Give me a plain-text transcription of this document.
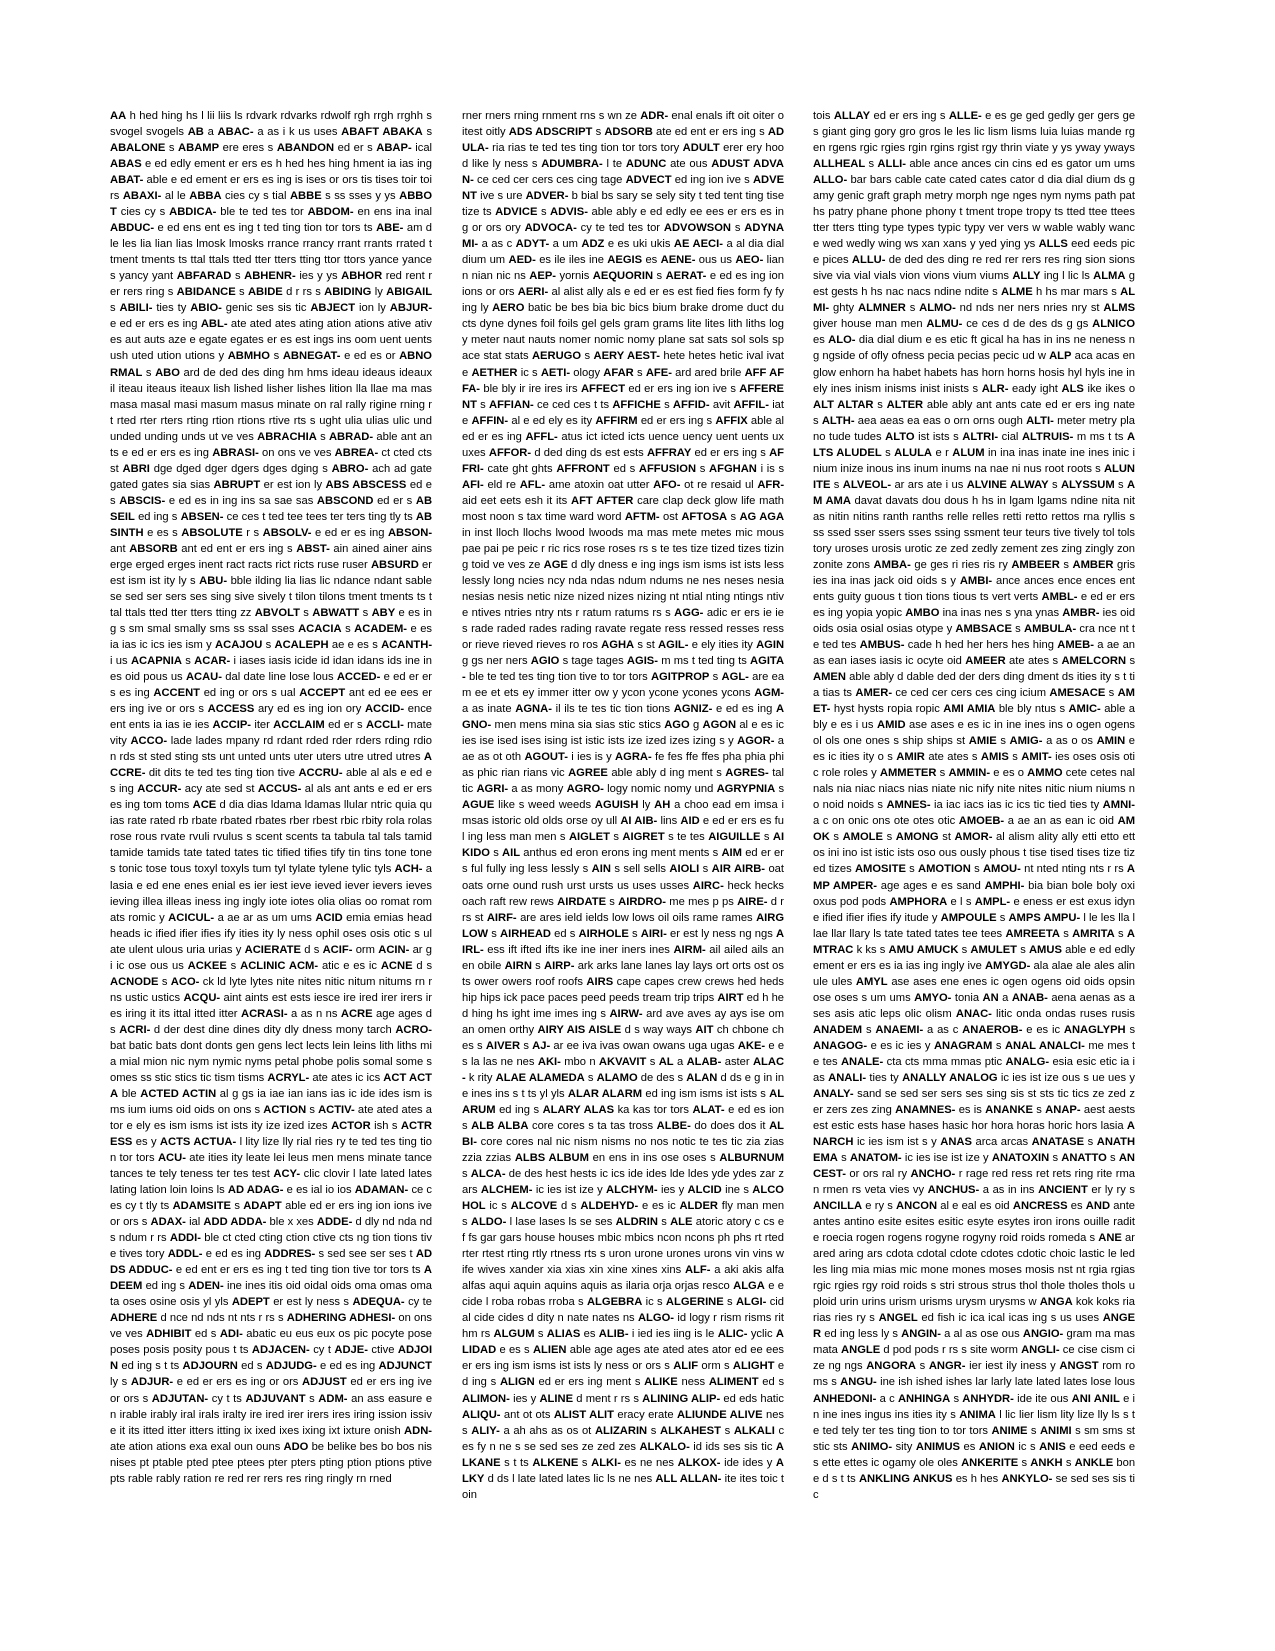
AA h hed hing hs l lii liis ls rdvark rdvarks rdwolf rgh rrgh rrghh s svogel svogels AB a ABAC- a as i k us uses ABAFT ABAKA s ABALONE s ABAMP ere eres s ABANDON ed er s ABAP- ical ABAS e ed edly ement er ers es h hed hes hing hment ia ias ing ABAT- able e ed ement er ers es ing is ises or ors tis tises toir toirs ABAXI- al le ABBA cies cy s tial ABBE s ss sses y ys ABBOT cies cy s ABDICA- ble te ted tes tor ABDOM- en ens ina inal ABDUC- e ed ens ent es ing t ted ting tion tor tors ts ABE- am d le les lia lian lias lmosk lmosks rrance rrancy rrant rrants rrated t tment tments ts ttal ttals tted tter tters tting ttor ttors yance yances yancy yant ABFARAD s ABHENR- ies y ys ABHOR red rent rer rers ring s ABIDANCE s ABIDE d r rs s ABIDING ly ABIGAIL s ABILI- ties ty ABIO- genic ses sis tic ABJECT ion ly ABJUR- e ed er ers es ing ABL- ate ated ates ating ation ations ative atives aut auts aze e egate egates er es est ings ins oom uent uents ush uted ution utions y ABMHO s ABNEGAT- e ed es or ABNORMAL s ABO ard de ded des ding hm hms ideau ideaus ideaux il iteau iteaus iteaux lish lished lisher lishes lition lla llae ma mas masa masal masi masum masus minate on ral rally rigine rning rt rted rter rters rting rtion rtions rtive rts s ught ulia ulias ulic und unded unding unds ut ve ves ABRACHIA s ABRAD- able ant ants e ed er ers es ing ABRASI- on ons ve ves ABREA- ct cted cts st ABRI dge dged dger dgers dges dging s ABRO- ach ad gate gated gates sia sias ABRUPT er est ion ly ABS ABSCESS ed es ABSCIS- e ed es in ing ins sa sae sas ABSCOND ed er s ABSEIL ed ing s ABSEN- ce ces t ted tee tees ter ters ting tly ts ABSINTH e es s ABSOLUTE r s ABSOLV- e ed er es ing ABSON- ant ABSORB ant ed ent er ers ing s ABST- ain ained ainer ains erge erged erges inent ract racts rict ricts ruse ruser ABSURD er est ism ist ity ly s ABU- bble ilding lia lias lic ndance ndant sable se sed ser sers ses sing sive sively t tilon tilons tment tments ts ttal ttals tted tter tters tting zz ABVOLT s ABWATT s ABY e es ing s sm smal smally sms ss ssal sses ACACIA s ACADEM- e es ia ias ic ics ies ism y ACAJOU s ACALEPH ae e es s ACANTH- i us ACAPNIA s ACAR- i iases iasis icide id idan idans ids ine ines oid pous us ACAU- dal date line lose lous ACCED- e ed er ers es ing ACCENT ed ing or ors s ual ACCEPT ant ed ee ees er ers ing ive or ors s ACCESS ary ed es ing ion ory ACCID- ence ent ents ia ias ie ies ACCIP- iter ACCLAIM ed er s ACCLI- mate vity ACCO- lade lades mpany rd rdant rded rder rders rding rdion rds st sted sting sts unt unted unts uter uters utre utred utres ACCRE- dit dits te ted tes ting tion tive ACCRU- able al als e ed es ing ACCUR- acy ate sed st ACCUS- al als ant ants e ed er ers es ing tom toms ACE d dia dias ldama ldamas llular ntric quia quias rate rated rb rbate rbated rbates rber rbest rbic rbity rola rolas rose rous rvate rvuli rvulus s scent scents ta tabula tal tals tamid tamide tamids tate tated tates tic tified tifies tify tin tins tone tones tonic tose tous toxyl toxyls tum tyl tylate tylene tylic tyls ACH- alasia e ed ene enes enial es ier iest ieve ieved iever ievers ieves ieving illea illeas iness ing ingly iote iotes olia olias oo romat romats romic y ACICUL- a ae ar as um ums ACID emia emias head heads ic ified ifier ifies ify ities ity ly ness ophil oses osis otic s ulate ulent ulous uria urias y ACIERATE d s ACIF- orm ACIN- ar g i ic ose ous us ACKEE s ACLINIC ACM- atic e es ic ACNE d s ACNODE s ACO- ck ld lyte lytes nite nites nitic nitum nitums rn rns ustic ustics ACQU- aint aints est ests iesce ire ired irer irers ires iring it its ittal itted itter ACRASI- a as n ns ACRE age ages d s ACRI- d der dest dine dines dity dly dness mony tarch ACRO- bat batic bats dont donts gen gens lect lects lein leins lith liths mia mial mion nic nym nymic nyms petal phobe polis somal some somes ss stic stics tic tism tisms ACRYL- ate ates ic ics ACT ACTA ble ACTED ACTIN al g gs ia iae ian ians ias ic ide ides ism isms ium iums oid oids on ons s ACTION s ACTIV- ate ated ates ator e ely es ism isms ist ists ity ize ized izes ACTOR ish s ACTRESS es y ACTS ACTUA- l lity lize lly rial ries ry te ted tes ting tion tor tors ACU- ate ities ity leate lei leus men mens minate tance tances te tely teness ter tes test ACY- clic clovir l late lated lates lating lation loin loins ls AD ADAG- e es ial io ios ADAMAN- ce ces cy t tly ts ADAMSITE s ADAPT able ed er ers ing ion ions ive or ors s ADAX- ial ADD ADDA- ble x xes ADDE- d dly nd nda nds ndum r rs ADDI- ble ct cted cting ction ctive cts ng tion tions tive tives tory ADDL- e ed es ing ADDRES- s sed see ser ses t ADDS ADDUC- e ed ent er ers es ing t ted ting tion tive tor tors ts ADEEM ed ing s ADEN- ine ines itis oid oidal oids oma omas omata oses osine osis yl yls ADEPT er est ly ness s ADEQUA- cy te ADHERE d nce nd nds nt nts r rs s ADHERING ADHESI- on ons ve ves ADHIBIT ed s ADI- abatic eu eus eux os pic pocyte pose poses posis posity pous t ts ADJACEN- cy t ADJE- ctive ADJOIN ed ing s t ts ADJOURN ed s ADJUDG- e ed es ing ADJUNCT ly s ADJUR- e ed er ers es ing or ors ADJUST ed er ers ing ive or ors s ADJUTAN- cy t ts ADJUVANT s ADM- an ass easure en irable irably iral irals iralty ire ired irer irers ires iring ission issive it its itted itter itters itting ix ixed ixes ixing ixt ixture onish ADN- ate ation ations exa exal oun ouns ADO be belike bes bo bos nis nises pt ptable pted ptee ptees pter pters pting ption ptions ptive pts rable rably ration re red rer rers res ring ringly rn rned
rner rners rning rnment rns s wn ze ADR- enal enals ift oit oiter oitest oitly ADS ADSCRIPT s ADSORB ate ed ent er ers ing s ADULA- ria rias te ted tes ting tion tor tors tory ADULT erer ery hood like ly ness s ADUMBRA- l te ADUNC ate ous ADUST ADVAN- ce ced cer cers ces cing tage ADVECT ed ing ion ive s ADVENT ive s ure ADVER- b bial bs sary se sely sity t ted tent ting tise tize ts ADVICE s ADVIS- able ably e ed edly ee ees er ers es ing or ors ory ADVOCA- cy te ted tes tor ADVOWSON s ADYNAMI- a as c ADYT- a um ADZ e es uki ukis AE AECI- a al dia dial dium um AED- es ile iles ine AEGIS es AENE- ous us AEO- lian n nian nic ns AEP- yornis AEQUORIN s AERAT- e ed es ing ion ions or ors AERI- al alist ally als e ed er es est fied fies form fy fying ly AERO batic be bes bia bic bics bium brake drome duct ducts dyne dynes foil foils gel gels gram grams lite lites lith liths logy meter naut nauts nomer nomic nomy plane sat sats sol sols space stat stats AERUGO s AERY AEST- hete hetes hetic ival ivate AETHER ic s AETI- ology AFAR s AFE- ard ared brile AFF AFFA- ble bly ir ire ires irs AFFECT ed er ers ing ion ive s AFFERENT s AFFIAN- ce ced ces t ts AFFICHE s AFFID- avit AFFIL- iate AFFIN- al e ed ely es ity AFFIRM ed er ers ing s AFFIX able al ed er es ing AFFL- atus ict icted icts uence uency uent uents ux uxes AFFOR- d ded ding ds est ests AFFRAY ed er ers ing s AFFRI- cate ght ghts AFFRONT ed s AFFUSION s AFGHAN i is s AFI- eld re AFL- ame atoxin oat utter AFO- ot re resaid ul AFR- aid eet eets esh it its AFT AFTER care clap deck glow life math most noon s tax time ward word AFTM- ost AFTOSA s AG AGA in inst lloch llochs lwood lwoods ma mas mete metes mic mous pae pai pe peic r ric rics rose roses rs s te tes tize tized tizes tizing toid ve ves ze AGE d dly dness e ing ings ism isms ist ists less lessly long ncies ncy nda ndas ndum ndums ne nes neses nesia nesias nesis netic nize nized nizes nizing nt ntial nting ntings ntive ntives ntries ntry nts r ratum ratums rs s AGG- adic er ers ie ies rade raded rades rading ravate regate ress ressed resses ressor rieve rieved rieves ro ros AGHA s st AGIL- e ely ities ity AGIN g gs ner ners AGIO s tage tages AGIS- m ms t ted ting ts AGITA- ble te ted tes ting tion tive to tor tors AGITPROP s AGL- are eam ee et ets ey immer itter ow y ycon ycone ycones ycons AGM- a as inate AGNA- il ils te tes tic tion tions AGNIZ- e ed es ing AGNO- men mens mina sia sias stic stics AGO g AGON al e es ic ies ise ised ises ising ist istic ists ize ized izes izing s y AGOR- a ae as ot oth AGOUT- i ies is y AGRA- fe fes ffe ffes pha phia phias phic rian rians vic AGREE able ably d ing ment s AGRES- tal tic AGRI- a as mony AGRO- logy nomic nomy und AGRYPNIA s AGUE like s weed weeds AGUISH ly AH a choo ead em imsa imsas istoric old olds orse oy ull AI AIB- lins AID e ed er ers es ful ing less man men s AIGLET s AIGRET s te tes AIGUILLE s AIKIDO s AIL anthus ed eron erons ing ment ments s AIM ed er ers ful fully ing less lessly s AIN s sell sells AIOLI s AIR AIRB- oat oats orne ound rush urst ursts us uses usses AIRC- heck hecks oach raft rew rews AIRDATE s AIRDRO- me mes p ps AIRE- d r rs st AIRF- are ares ield ields low lows oil oils rame rames AIRGLOW s AIRHEAD ed s AIRHOLE s AIRI- er est ly ness ng ngs AIRL- ess ift ifted ifts ike ine iner iners ines AIRM- ail ailed ails an en obile AIRN s AIRP- ark arks lane lanes lay lays ort orts ost osts ower owers roof roofs AIRS cape capes crew crews hed heds hip hips ick pace paces peed peeds tream trip trips AIRT ed h hed hing hs ight ime imes ing s AIRW- ard ave aves ay ays ise oman omen orthy AIRY AIS AISLE d s way ways AIT ch chbone ches s AIVER s AJ- ar ee iva ivas owan owans uga ugas AKE- e es la las ne nes AKI- mbo n AKVAVIT s AL a ALAB- aster ALAC- k rity ALAE ALAMEDA s ALAMO de des s ALAN d ds e g in ine ines ins s t ts yl yls ALAR ALARM ed ing ism isms ist ists s ALARUM ed ing s ALARY ALAS ka kas tor tors ALAT- e ed es ions ALB ALBA core cores s ta tas tross ALBE- do does dos it ALBI- core cores nal nic nism nisms no nos notic te tes tic zia zias zzia zzias ALBS ALBUM en ens in ins ose oses s ALBURNUM s ALCA- de des hest hests ic ics ide ides lde ldes yde ydes zar zars ALCHEM- ic ies ist ize y ALCHYM- ies y ALCID ine s ALCOHOL ic s ALCOVE d s ALDEHYD- e es ic ALDER fly man men s ALDO- l lase lases ls se ses ALDRIN s ALE atoric atory c cs e f fs gar gars house houses mbic mbics ncon ncons ph phs rt rted rter rtest rting rtly rtness rts s uron urone urones urons vin vins wife wives xander xia xias xin xine xines xins ALF- a aki akis alfa alfas aqui aquin aquins aquis as ilaria orja orjas resco ALGA e ecide l roba robas rroba s ALGEBRA ic s ALGERINE s ALGI- cidal cide cides d dity n nate nates ns ALGO- id logy r rism risms rithm rs ALGUM s ALIAS es ALIB- i ied ies iing is le ALIC- yclic ALIDAD e es s ALIEN able age ages ate ated ates ator ed ee ees er ers ing ism isms ist ists ly ness or ors s ALIF orm s ALIGHT ed ing s ALIGN ed er ers ing ment s ALIKE ness ALIMENT ed s ALIMON- ies y ALINE d ment r rs s ALINING ALIP- ed eds hatic ALIQU- ant ot ots ALIST ALIT eracy erate ALIUNDE ALIVE ness ALIY- a ah ahs as os ot ALIZARIN s ALKAHEST s ALKALI c es fy n ne s se sed ses ze zed zes ALKALO- id ids ses sis tic ALKANE s t ts ALKENE s ALKI- es ne nes ALKOX- ide ides y ALKY d ds l late lated lates lic ls ne nes ALL ALLAN- ite ites toic toin
tois ALLAY ed er ers ing s ALLE- e es ge ged gedly ger gers ges giant ging gory gro gros le les lic lism lisms luia luias mande rgen rgens rgic rgies rgin rgins rgist rgy thrin viate y ys yway yways ALLHEAL s ALLI- able ance ances cin cins ed es gator um ums ALLO- bar bars cable cate cated cates cator d dia dial dium ds gamy genic graft graph metry morph nge nges nym nyms path paths patry phane phone phony t tment trope tropy ts tted ttee ttees tter tters tting type types typic typy ver vers w wable wably wance wed wedly wing ws xan xans y yed ying ys ALLS eed eeds pice pices ALLU- de ded des ding re red rer rers res ring sion sions sive via vial vials vion vions vium viums ALLY ing l lic ls ALMA gest gests h hs nac nacs ndine ndite s ALME h hs mar mars s ALMI- ghty ALMNER s ALMO- nd nds ner ners nries nry st ALMS giver house man men ALMU- ce ces d de des ds g gs ALNICO es ALO- dia dial dium e es etic ft gical ha has in ins ne neness ng ngside of ofly ofness pecia pecias pecic ud w ALP aca acas englow enhorn ha habet habets has horn horns hosis hyl hyls ine inely ines inism inisms inist inists s ALR- eady ight ALS ike ikes o ALT ALTAR s ALTER able ably ant ants cate ed er ers ing nate s ALTH- aea aeas ea eas o orn orns ough ALTI- meter metry plano tude tudes ALTO ist ists s ALTRI- cial ALTRUIS- m ms t ts ALTS ALUDEL s ALULA e r ALUM in ina inas inate ine ines inic inium inize inous ins inum inums na nae ni nus root roots s ALUNITE s ALVEOL- ar ars ate i us ALVINE ALWAY s ALYSSUM s AM AMA davat davats dou dous h hs in lgam lgams ndine nita nitas nitin nitins ranth ranths relle relles retti retto rettos rna ryllis s ss ssed sser ssers sses ssing ssment teur teurs tive tively tol tols tory uroses urosis urotic ze zed zedly zement zes zing zingly zon zonite zons AMBA- ge ges ri ries ris ry AMBEER s AMBER gris ies ina inas jack oid oids s y AMBI- ance ances ence ences ent ents guity guous t tion tions tious ts vert verts AMBL- e ed er ers es ing yopia yopic AMBO ina inas nes s yna ynas AMBR- ies oid oids osia osial osias otype y AMBSACE s AMBULA- cra nce nt te ted tes AMBUS- cade h hed her hers hes hing AMEB- a ae an as ean iases iasis ic ocyte oid AMEER ate ates s AMELCORN s AMEN able ably d dable ded der ders ding dment ds ities ity s t tia tias ts AMER- ce ced cer cers ces cing icium AMESACE s AMET- hyst hysts ropia ropic AMI AMIA ble bly ntus s AMIC- able ably e es i us AMID ase ases e es ic in ine ines ins o ogen ogens ol ols one ones s ship ships st AMIE s AMIG- a as o os AMIN e es ic ities ity o s AMIR ate ates s AMIS s AMIT- ies oses osis otic role roles y AMMETER s AMMIN- e es o AMMO cete cetes nal nals nia niac niacs nias niate nic nify nite nites nitic nium niums no noid noids s AMNES- ia iac iacs ias ic ics tic tied ties ty AMNI- a c on onic ons ote otes otic AMOEB- a ae an as ean ic oid AMOK s AMOLE s AMONG st AMOR- al alism ality ally etti etto ettos ini ino ist istic ists oso ous ously phous t tise tised tises tize tized tizes AMOSITE s AMOTION s AMOU- nt nted nting nts r rs AMP AMPER- age ages e es sand AMPHI- bia bian bole boly oxi oxus pod pods AMPHORA e l s AMPL- e eness er est exus idyne ified ifier ifies ify itude y AMPOULE s AMPS AMPU- l le les lla llae llar llary ls tate tated tates tee tees AMREETA s AMRITA s AMTRAC k ks s AMU AMUCK s AMULET s AMUS able e ed edly ement er ers es ia ias ing ingly ive AMYGD- ala alae ale ales alin ule ules AMYL ase ases ene enes ic ogen ogens oid oids opsin ose oses s um ums AMYO- tonia AN a ANAB- aena aenas as ases asis atic leps olic olism ANAC- litic onda ondas ruses rusis ANADEM s ANAEMI- a as c ANAEROB- e es ic ANAGLYPH s ANAGOG- e es ic ies y ANAGRAM s ANAL ANALCI- me mes te tes ANALE- cta cts mma mmas ptic ANALG- esia esic etic ia ias ANALI- ties ty ANALLY ANALOG ic ies ist ize ous s ue ues y ANALY- sand se sed ser sers ses sing sis st sts tic tics ze zed zer zers zes zing ANAMNES- es is ANANKE s ANAP- aest aests est estic ests hase hases hasic hor hora horas horic hors lasia ANARCH ic ies ism ist s y ANAS arca arcas ANATASE s ANATHEMA s ANATOM- ic ies ise ist ize y ANATOXIN s ANATTO s ANCEST- or ors ral ry ANCHO- r rage red ress ret rets ring rite rman rmen rs veta vies vy ANCHUS- a as in ins ANCIENT er ly ry s ANCILLA e ry s ANCON al e eal es oid ANCRESS es AND ante antes antino esite esites esitic esyte esytes iron irons ouille radite roecia rogen rogens rogyne rogyny roid roids romeda s ANE ar ared aring ars cdota cdotal cdote cdotes cdotic choic lastic le led les ling mia mias mic mone mones moses mosis nst nt rgia rgias rgic rgies rgy roid roids s stri strous strus thol thole tholes thols uploid urin urins urism urisms urysm urysms w ANGA kok koks ria rias ries ry s ANGEL ed fish ic ica ical icas ing s us uses ANGER ed ing less ly s ANGIN- a al as ose ous ANGIO- gram ma mas mata ANGLE d pod pods r rs s site worm ANGLI- ce cise cism cize ng ngs ANGORA s ANGR- ier iest ily iness y ANGST rom roms s ANGU- ine ish ished ishes lar larly late lated lates lose lous ANHEDONI- a c ANHINGA s ANHYDR- ide ite ous ANI ANIL e in ine ines ingus ins ities ity s ANIMA l lic lier lism lity lize lly ls s te ted tely ter tes ting tion to tor tors ANIME s ANIMI s sm sms st stic sts ANIMO- sity ANIMUS es ANION ic s ANIS e eed eeds es ette ettes ic ogamy ole oles ANKERITE s ANKH s ANKLE bone d s t ts ANKLING ANKUS es h hes ANKYLO- se sed ses sis tic
